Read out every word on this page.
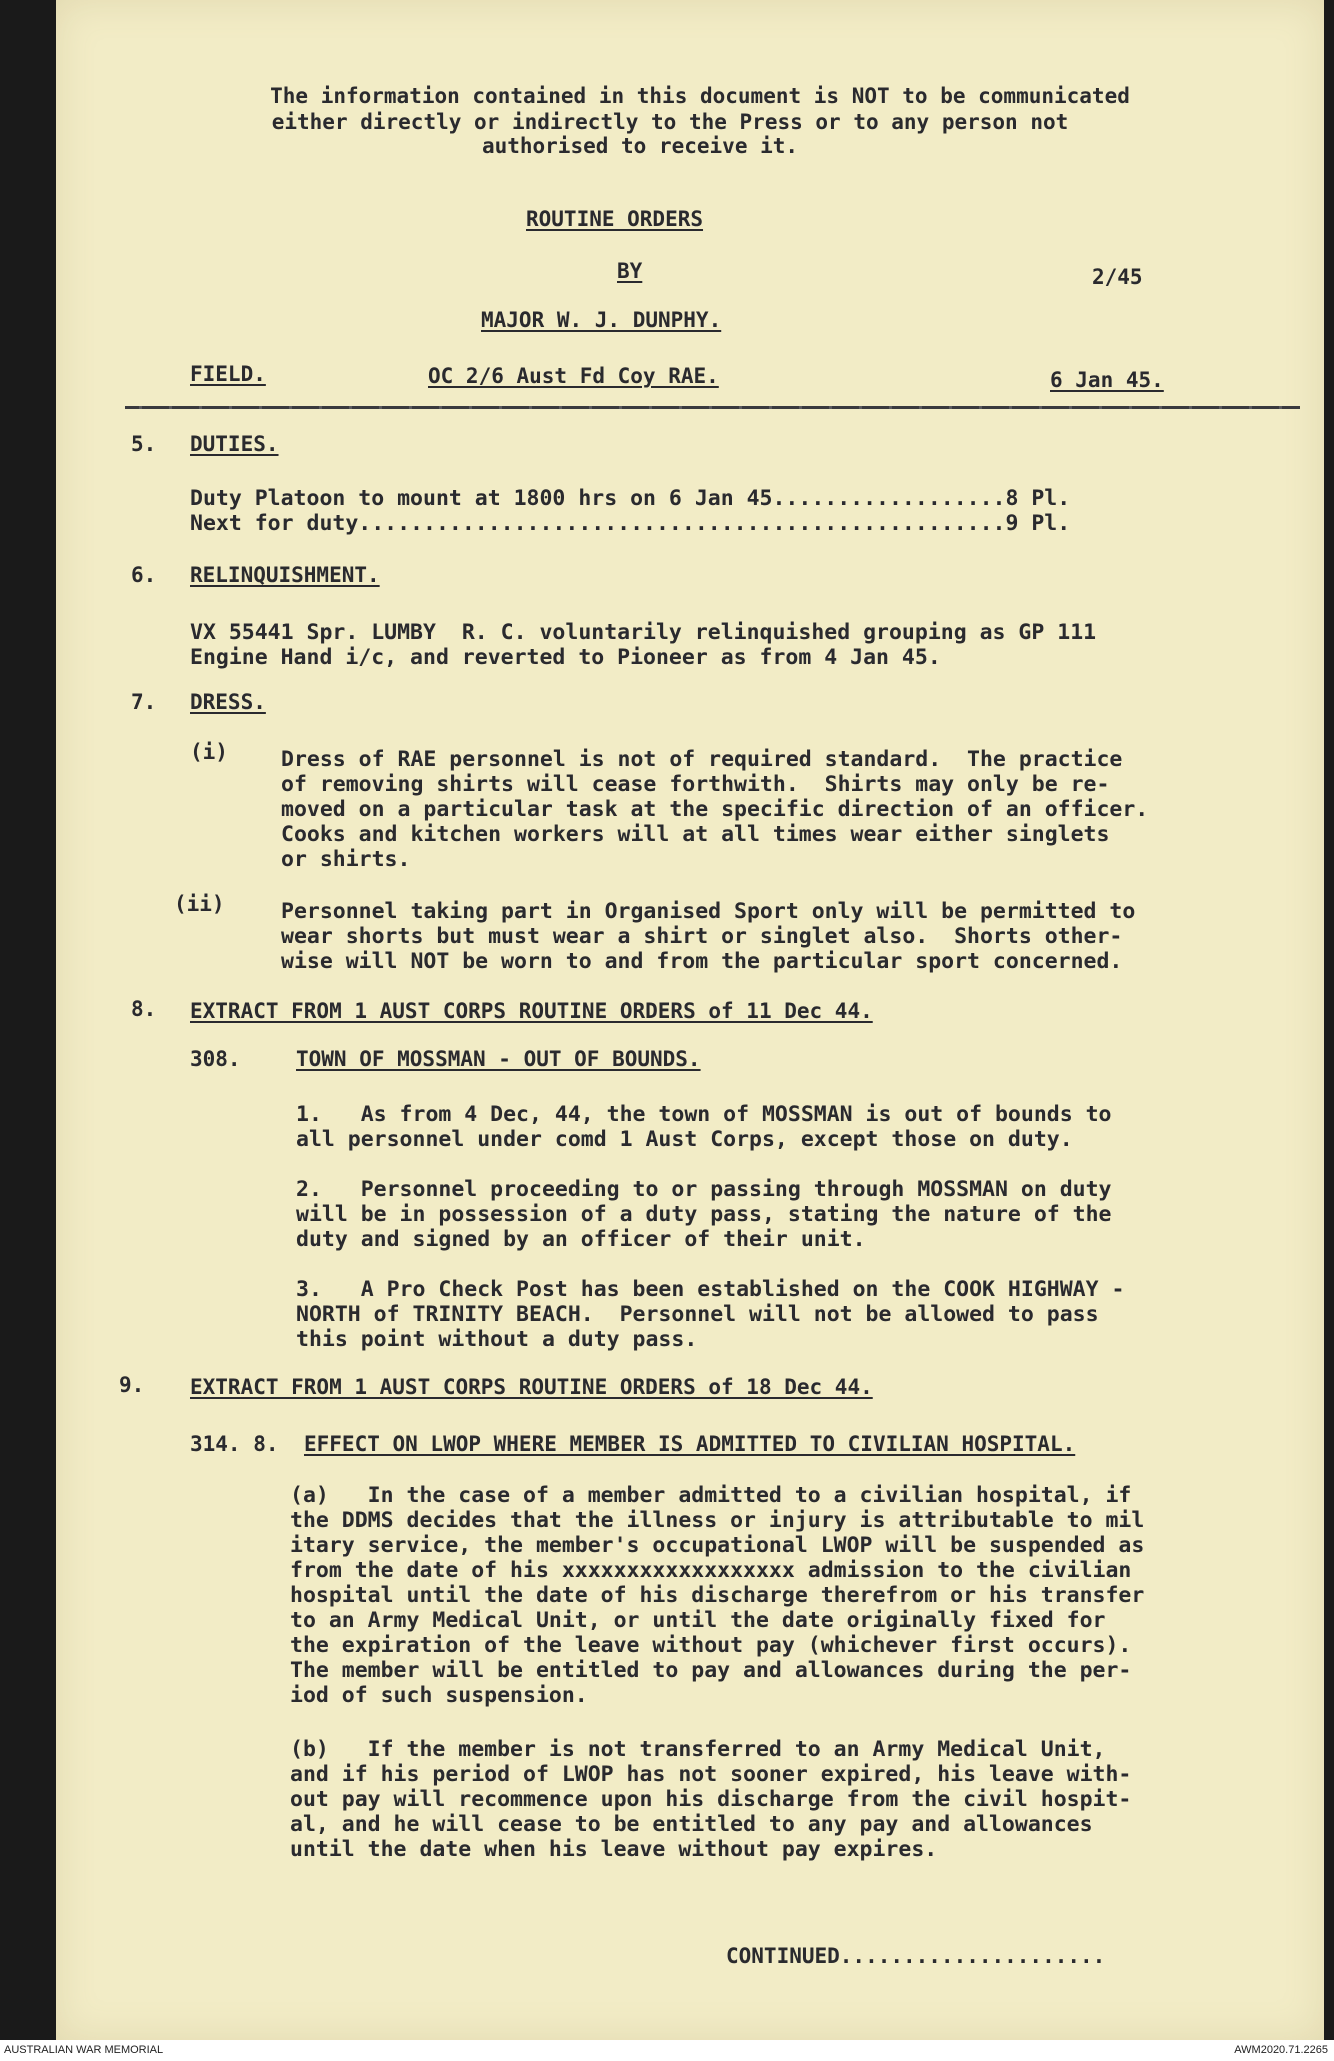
The information contained in this document is NOT to be communicated
either directly or indirectly to the Press or to any person not
authorised to receive it.
ROUTINE ORDERS
BY	2/45
MAJOR W. J. DUNPHY.
FIELD.	OC 2/6 Aust Fd Coy RAE.	6 Jan 45.
5. DUTIES.
Duty Platoon to mount at 1800 hrs on 6 Jan 45..................8 Pl.
Next for duty..................................................9 Pl.
6. RELINQUISHMENT.
VX 55441 Spr. LUMBY  R. C. voluntarily relinquished grouping as GP 111
Engine Hand i/c, and reverted to Pioneer as from 4 Jan 45.
7. DRESS.
(i) Dress of RAE personnel is not of required standard.  The practice
of removing shirts will cease forthwith.  Shirts may only be re-
moved on a particular task at the specific direction of an officer.
Cooks and kitchen workers will at all times wear either singlets
or shirts.
(ii)	Personnel taking part in Organised Sport only will be permitted to
wear shorts but must wear a shirt or singlet also.  Shorts other-
wise will NOT be worn to and from the particular sport concerned.
8. EXTRACT FROM 1 AUST CORPS ROUTINE ORDERS of 11 Dec 44.
308.	TOWN OF MOSSMAN - OUT OF BOUNDS.
1.   As from 4 Dec, 44, the town of MOSSMAN is out of bounds to
all personnel under comd 1 Aust Corps, except those on duty.
2.   Personnel proceeding to or passing through MOSSMAN on duty
will be in possession of a duty pass, stating the nature of the
duty and signed by an officer of their unit.
3.   A Pro Check Post has been established on the COOK HIGHWAY -
NORTH of TRINITY BEACH.  Personnel will not be allowed to pass
this point without a duty pass.
9. EXTRACT FROM 1 AUST CORPS ROUTINE ORDERS of 18 Dec 44.
314. 8. EFFECT ON LWOP WHERE MEMBER IS ADMITTED TO CIVILIAN HOSPITAL.
(a)   In the case of a member admitted to a civilian hospital, if
the DDMS decides that the illness or injury is attributable to mil
itary service, the member's occupational LWOP will be suspended as
from the date of his xxxxxxxxxxxxxxxxxx admission to the civilian
hospital until the date of his discharge therefrom or his transfer
to an Army Medical Unit, or until the date originally fixed for
the expiration of the leave without pay (whichever first occurs).
The member will be entitled to pay and allowances during the per-
iod of such suspension.
(b)   If the member is not transferred to an Army Medical Unit,
and if his period of LWOP has not sooner expired, his leave with-
out pay will recommence upon his discharge from the civil hospit-
al, and he will cease to be entitled to any pay and allowances
until the date when his leave without pay expires.
CONTINUED.....................
AUSTRALIAN WAR MEMORIAL	AWM2020.71.2265
